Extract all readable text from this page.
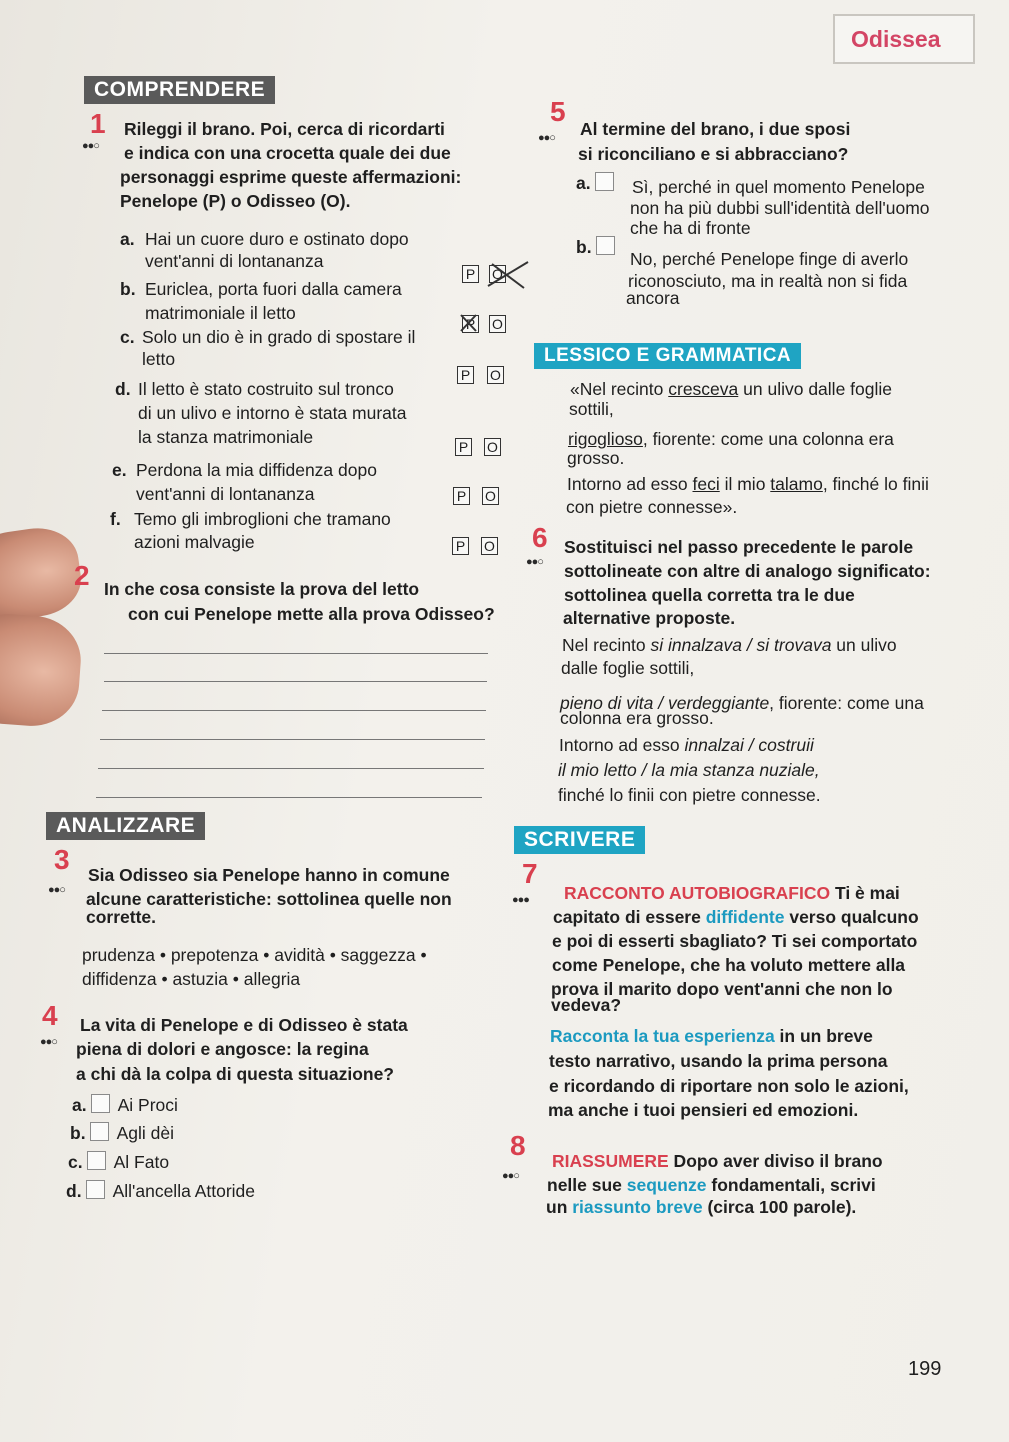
Odissea
COMPRENDERE
1
●●○
Rileggi il brano. Poi, cerca di ricordarti
e indica con una crocetta quale dei due
personaggi esprime queste affermazioni:
Penelope (P) o Odisseo (O).
a. Hai un cuore duro e ostinato dopo
vent'anni di lontananza
P O
b. Euriclea, porta fuori dalla camera
matrimoniale il letto
P O
c. Solo un dio è in grado di spostare il
letto
P O
d. Il letto è stato costruito sul tronco
di un ulivo e intorno è stata murata
la stanza matrimoniale	P O
e. Perdona la mia diffidenza dopo
vent'anni di lontananza	P O
f. Temo gli imbroglioni che tramano
azioni malvagie	P O
2 In che cosa consiste la prova del letto
con cui Penelope mette alla prova Odisseo?
ANALIZZARE
3
●●○
Sia Odisseo sia Penelope hanno in comune
alcune caratteristiche: sottolinea quelle non
corrette.
prudenza • prepotenza • avidità • saggezza •
diffidenza • astuzia • allegria
4
●●○
La vita di Penelope e di Odisseo è stata
piena di dolori e angosce: la regina
a chi dà la colpa di questa situazione?
a. Ai Proci
b. Agli dèi
c. Al Fato
d. All'ancella Attoride
5
●●○ Al termine del brano, i due sposi
si riconciliano e si abbracciano?
a.	Sì, perché in quel momento Penelope
non ha più dubbi sull'identità dell'uomo
che ha di fronte
b.
No, perché Penelope finge di averlo
riconosciuto, ma in realtà non si fida
ancora
LESSICO E GRAMMATICA
«Nel recinto cresceva un ulivo dalle foglie
sottili,
rigoglioso, fiorente: come una colonna era
grosso.
Intorno ad esso feci il mio talamo, finché lo finii
con pietre connesse».
6
●●○
Sostituisci nel passo precedente le parole
sottolineate con altre di analogo significato:
sottolinea quella corretta tra le due
alternative proposte.
Nel recinto si innalzava / si trovava un ulivo
dalle foglie sottili,
pieno di vita / verdeggiante, fiorente: come una
colonna era grosso.
Intorno ad esso innalzai / costruii
il mio letto / la mia stanza nuziale,
finché lo finii con pietre connesse.
SCRIVERE
7
●●● RACCONTO AUTOBIOGRAFICO Ti è mai
capitato di essere diffidente verso qualcuno
e poi di esserti sbagliato? Ti sei comportato
come Penelope, che ha voluto mettere alla
prova il marito dopo vent'anni che non lo
vedeva?
Racconta la tua esperienza in un breve
testo narrativo, usando la prima persona
e ricordando di riportare non solo le azioni,
ma anche i tuoi pensieri ed emozioni.
8
●●○
RIASSUMERE Dopo aver diviso il brano
nelle sue sequenze fondamentali, scrivi
un riassunto breve (circa 100 parole).
199
